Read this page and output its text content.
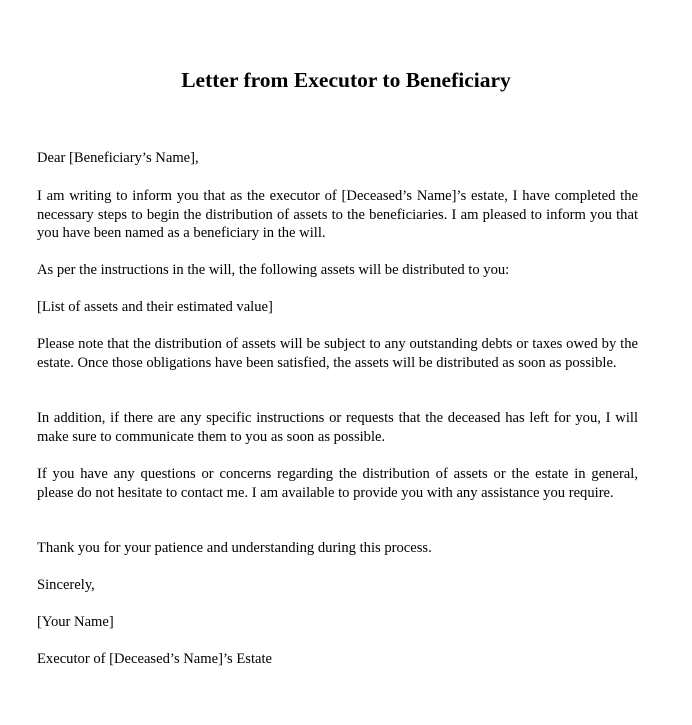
Letter from Executor to Beneficiary

Dear [Beneficiary’s Name],

I am writing to inform you that as the executor of [Deceased’s Name]’s estate, I have completed the necessary steps to begin the distribution of assets to the beneficiaries. I am pleased to inform you that you have been named as a beneficiary in the will.

As per the instructions in the will, the following assets will be distributed to you:

[List of assets and their estimated value]

Please note that the distribution of assets will be subject to any outstanding debts or taxes owed by the estate. Once those obligations have been satisfied, the assets will be distributed as soon as possible.

In addition, if there are any specific instructions or requests that the deceased has left for you, I will make sure to communicate them to you as soon as possible.

If you have any questions or concerns regarding the distribution of assets or the estate in general, please do not hesitate to contact me. I am available to provide you with any assistance you require.

Thank you for your patience and understanding during this process.

Sincerely,

[Your Name]

Executor of [Deceased’s Name]’s Estate
